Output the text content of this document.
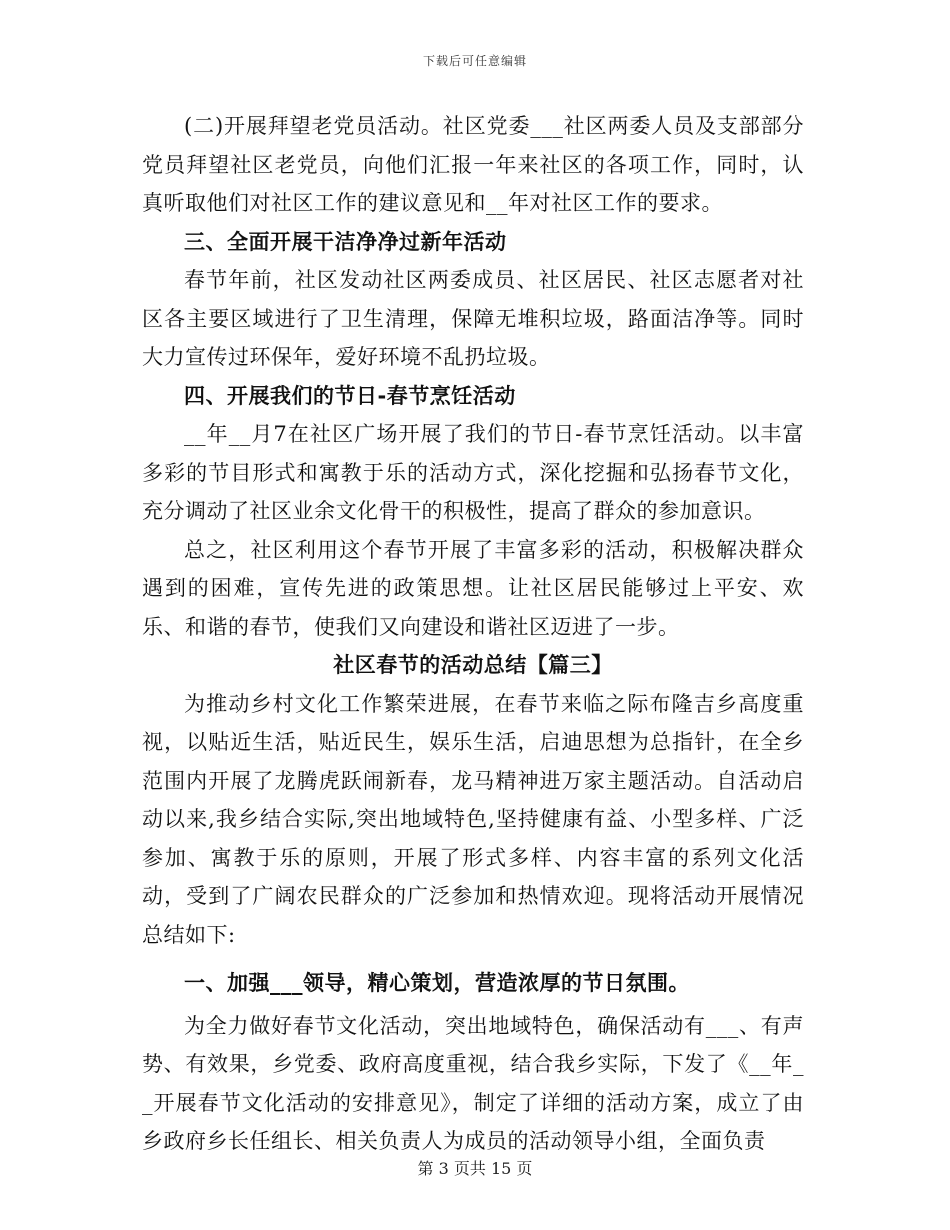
下载后可任意编辑

(二)开展拜望老党员活动。社区党委___社区两委人员及支部部分党员拜望社区老党员，向他们汇报一年来社区的各项工作，同时，认真听取他们对社区工作的建议意见和__年对社区工作的要求。

三、全面开展干洁净净过新年活动

春节年前，社区发动社区两委成员、社区居民、社区志愿者对社区各主要区域进行了卫生清理，保障无堆积垃圾，路面洁净等。同时大力宣传过环保年，爱好环境不乱扔垃圾。

四、开展我们的节日-春节烹饪活动

__年__月7在社区广场开展了我们的节日-春节烹饪活动。以丰富多彩的节目形式和寓教于乐的活动方式，深化挖掘和弘扬春节文化，充分调动了社区业余文化骨干的积极性，提高了群众的参加意识。

总之，社区利用这个春节开展了丰富多彩的活动，积极解决群众遇到的困难，宣传先进的政策思想。让社区居民能够过上平安、欢乐、和谐的春节，使我们又向建设和谐社区迈进了一步。

社区春节的活动总结【篇三】

为推动乡村文化工作繁荣进展，在春节来临之际布隆吉乡高度重视，以贴近生活，贴近民生，娱乐生活，启迪思想为总指针，在全乡范围内开展了龙腾虎跃闹新春，龙马精神进万家主题活动。自活动启动以来,我乡结合实际,突出地域特色,坚持健康有益、小型多样、广泛参加、寓教于乐的原则，开展了形式多样、内容丰富的系列文化活动，受到了广阔农民群众的广泛参加和热情欢迎。现将活动开展情况总结如下:

一、加强___领导，精心策划，营造浓厚的节日氛围。

为全力做好春节文化活动，突出地域特色，确保活动有___、有声势、有效果，乡党委、政府高度重视，结合我乡实际，下发了《__年__开展春节文化活动的安排意见》，制定了详细的活动方案，成立了由乡政府乡长任组长、相关负责人为成员的活动领导小组，全面负责

第 3 页共 15 页
